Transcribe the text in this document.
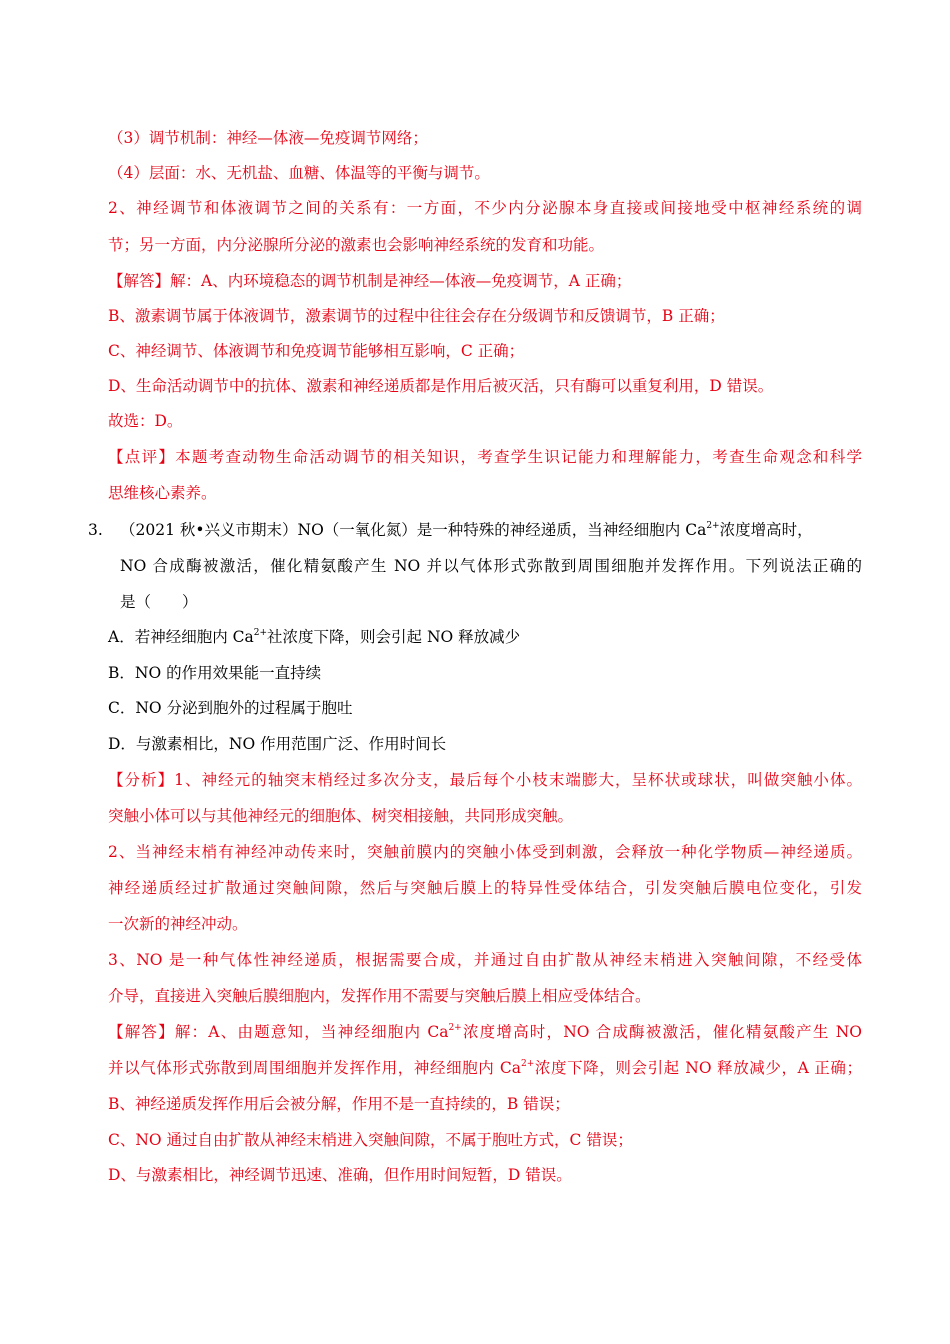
（3）调节机制：神经—体液—免疫调节网络；
（4）层面：水、无机盐、血糖、体温等的平衡与调节。
2、神经调节和体液调节之间的关系有：一方面，不少内分泌腺本身直接或间接地受中枢神经系统的调
节；另一方面，内分泌腺所分泌的激素也会影响神经系统的发育和功能。
【解答】解：A、内环境稳态的调节机制是神经—体液—免疫调节，A 正确；
B、激素调节属于体液调节，激素调节的过程中往往会存在分级调节和反馈调节，B 正确；
C、神经调节、体液调节和免疫调节能够相互影响，C 正确；
D、生命活动调节中的抗体、激素和神经递质都是作用后被灭活，只有酶可以重复利用，D 错误。
故选：D。
【点评】本题考查动物生命活动调节的相关知识，考查学生识记能力和理解能力，考查生命观念和科学
思维核心素养。
3. （2021 秋•兴义市期末）NO（一氧化氮）是一种特殊的神经递质，当神经细胞内 $Ca^{2+}$浓度增高时，
NO 合成酶被激活，催化精氨酸产生 NO 并以气体形式弥散到周围细胞并发挥作用。下列说法正确的
是（　　）
A．若神经细胞内 $Ca^{2+}$社浓度下降，则会引起 NO 释放减少
B．NO 的作用效果能一直持续
C．NO 分泌到胞外的过程属于胞吐
D．与激素相比，NO 作用范围广泛、作用时间长
【分析】1、神经元的轴突末梢经过多次分支，最后每个小枝末端膨大，呈杯状或球状，叫做突触小体。
突触小体可以与其他神经元的细胞体、树突相接触，共同形成突触。
2、当神经末梢有神经冲动传来时，突触前膜内的突触小体受到刺激，会释放一种化学物质—神经递质。
神经递质经过扩散通过突触间隙，然后与突触后膜上的特异性受体结合，引发突触后膜电位变化，引发
一次新的神经冲动。
3、NO 是一种气体性神经递质，根据需要合成，并通过自由扩散从神经末梢进入突触间隙，不经受体
介导，直接进入突触后膜细胞内，发挥作用不需要与突触后膜上相应受体结合。
【解答】解：A、由题意知，当神经细胞内 $Ca^{2+}$浓度增高时，NO 合成酶被激活，催化精氨酸产生 NO
并以气体形式弥散到周围细胞并发挥作用，神经细胞内 $Ca^{2+}$浓度下降，则会引起 NO 释放减少，A 正确；
B、神经递质发挥作用后会被分解，作用不是一直持续的，B 错误；
C、NO 通过自由扩散从神经末梢进入突触间隙，不属于胞吐方式，C 错误；
D、与激素相比，神经调节迅速、准确，但作用时间短暂，D 错误。
